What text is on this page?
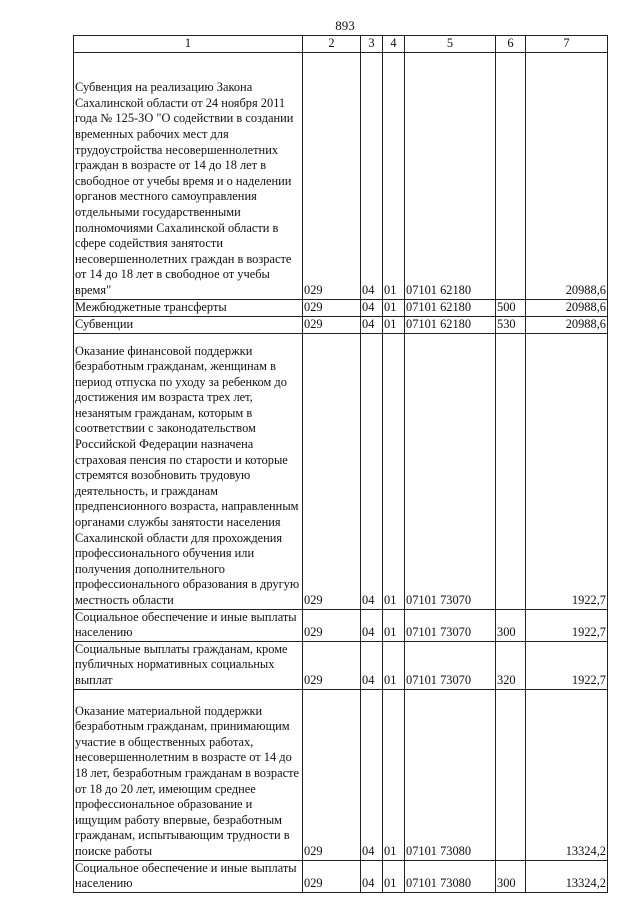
893
1	2	3	4	5	6	7
Субвенция на реализацию Закона Сахалинской области от 24 ноября 2011 года № 125-ЗО "О содействии в создании временных рабочих мест для трудоустройства несовершеннолетних граждан в возрасте от 14 до 18 лет в свободное от учебы время и о наделении органов местного самоуправления отдельными государственными полномочиями Сахалинской области в сфере содействия занятости несовершеннолетних граждан в возрасте от 14 до 18 лет в свободное от учебы время"	029	04	01	07101 62180		20988,6
Межбюджетные трансферты	029	04	01	07101 62180	500	20988,6
Субвенции	029	04	01	07101 62180	530	20988,6
Оказание финансовой поддержки безработным гражданам, женщинам в период отпуска по уходу за ребенком до достижения им возраста трех лет, незанятым гражданам, которым в соответствии с законодательством Российской Федерации назначена страховая пенсия по старости и которые стремятся возобновить трудовую деятельность, и гражданам предпенсионного возраста, направленным органами службы занятости населения Сахалинской области для прохождения профессионального обучения или получения дополнительного профессионального образования в другую местность области	029	04	01	07101 73070		1922,7
Социальное обеспечение и иные выплаты населению	029	04	01	07101 73070	300	1922,7
Социальные выплаты гражданам, кроме публичных нормативных социальных выплат	029	04	01	07101 73070	320	1922,7
Оказание материальной поддержки безработным гражданам, принимающим участие в общественных работах, несовершеннолетним в возрасте от 14 до 18 лет, безработным гражданам в возрасте от 18 до 20 лет, имеющим среднее профессиональное образование и ищущим работу впервые, безработным гражданам, испытывающим трудности в поиске работы	029	04	01	07101 73080		13324,2
Социальное обеспечение и иные выплаты населению	029	04	01	07101 73080	300	13324,2
